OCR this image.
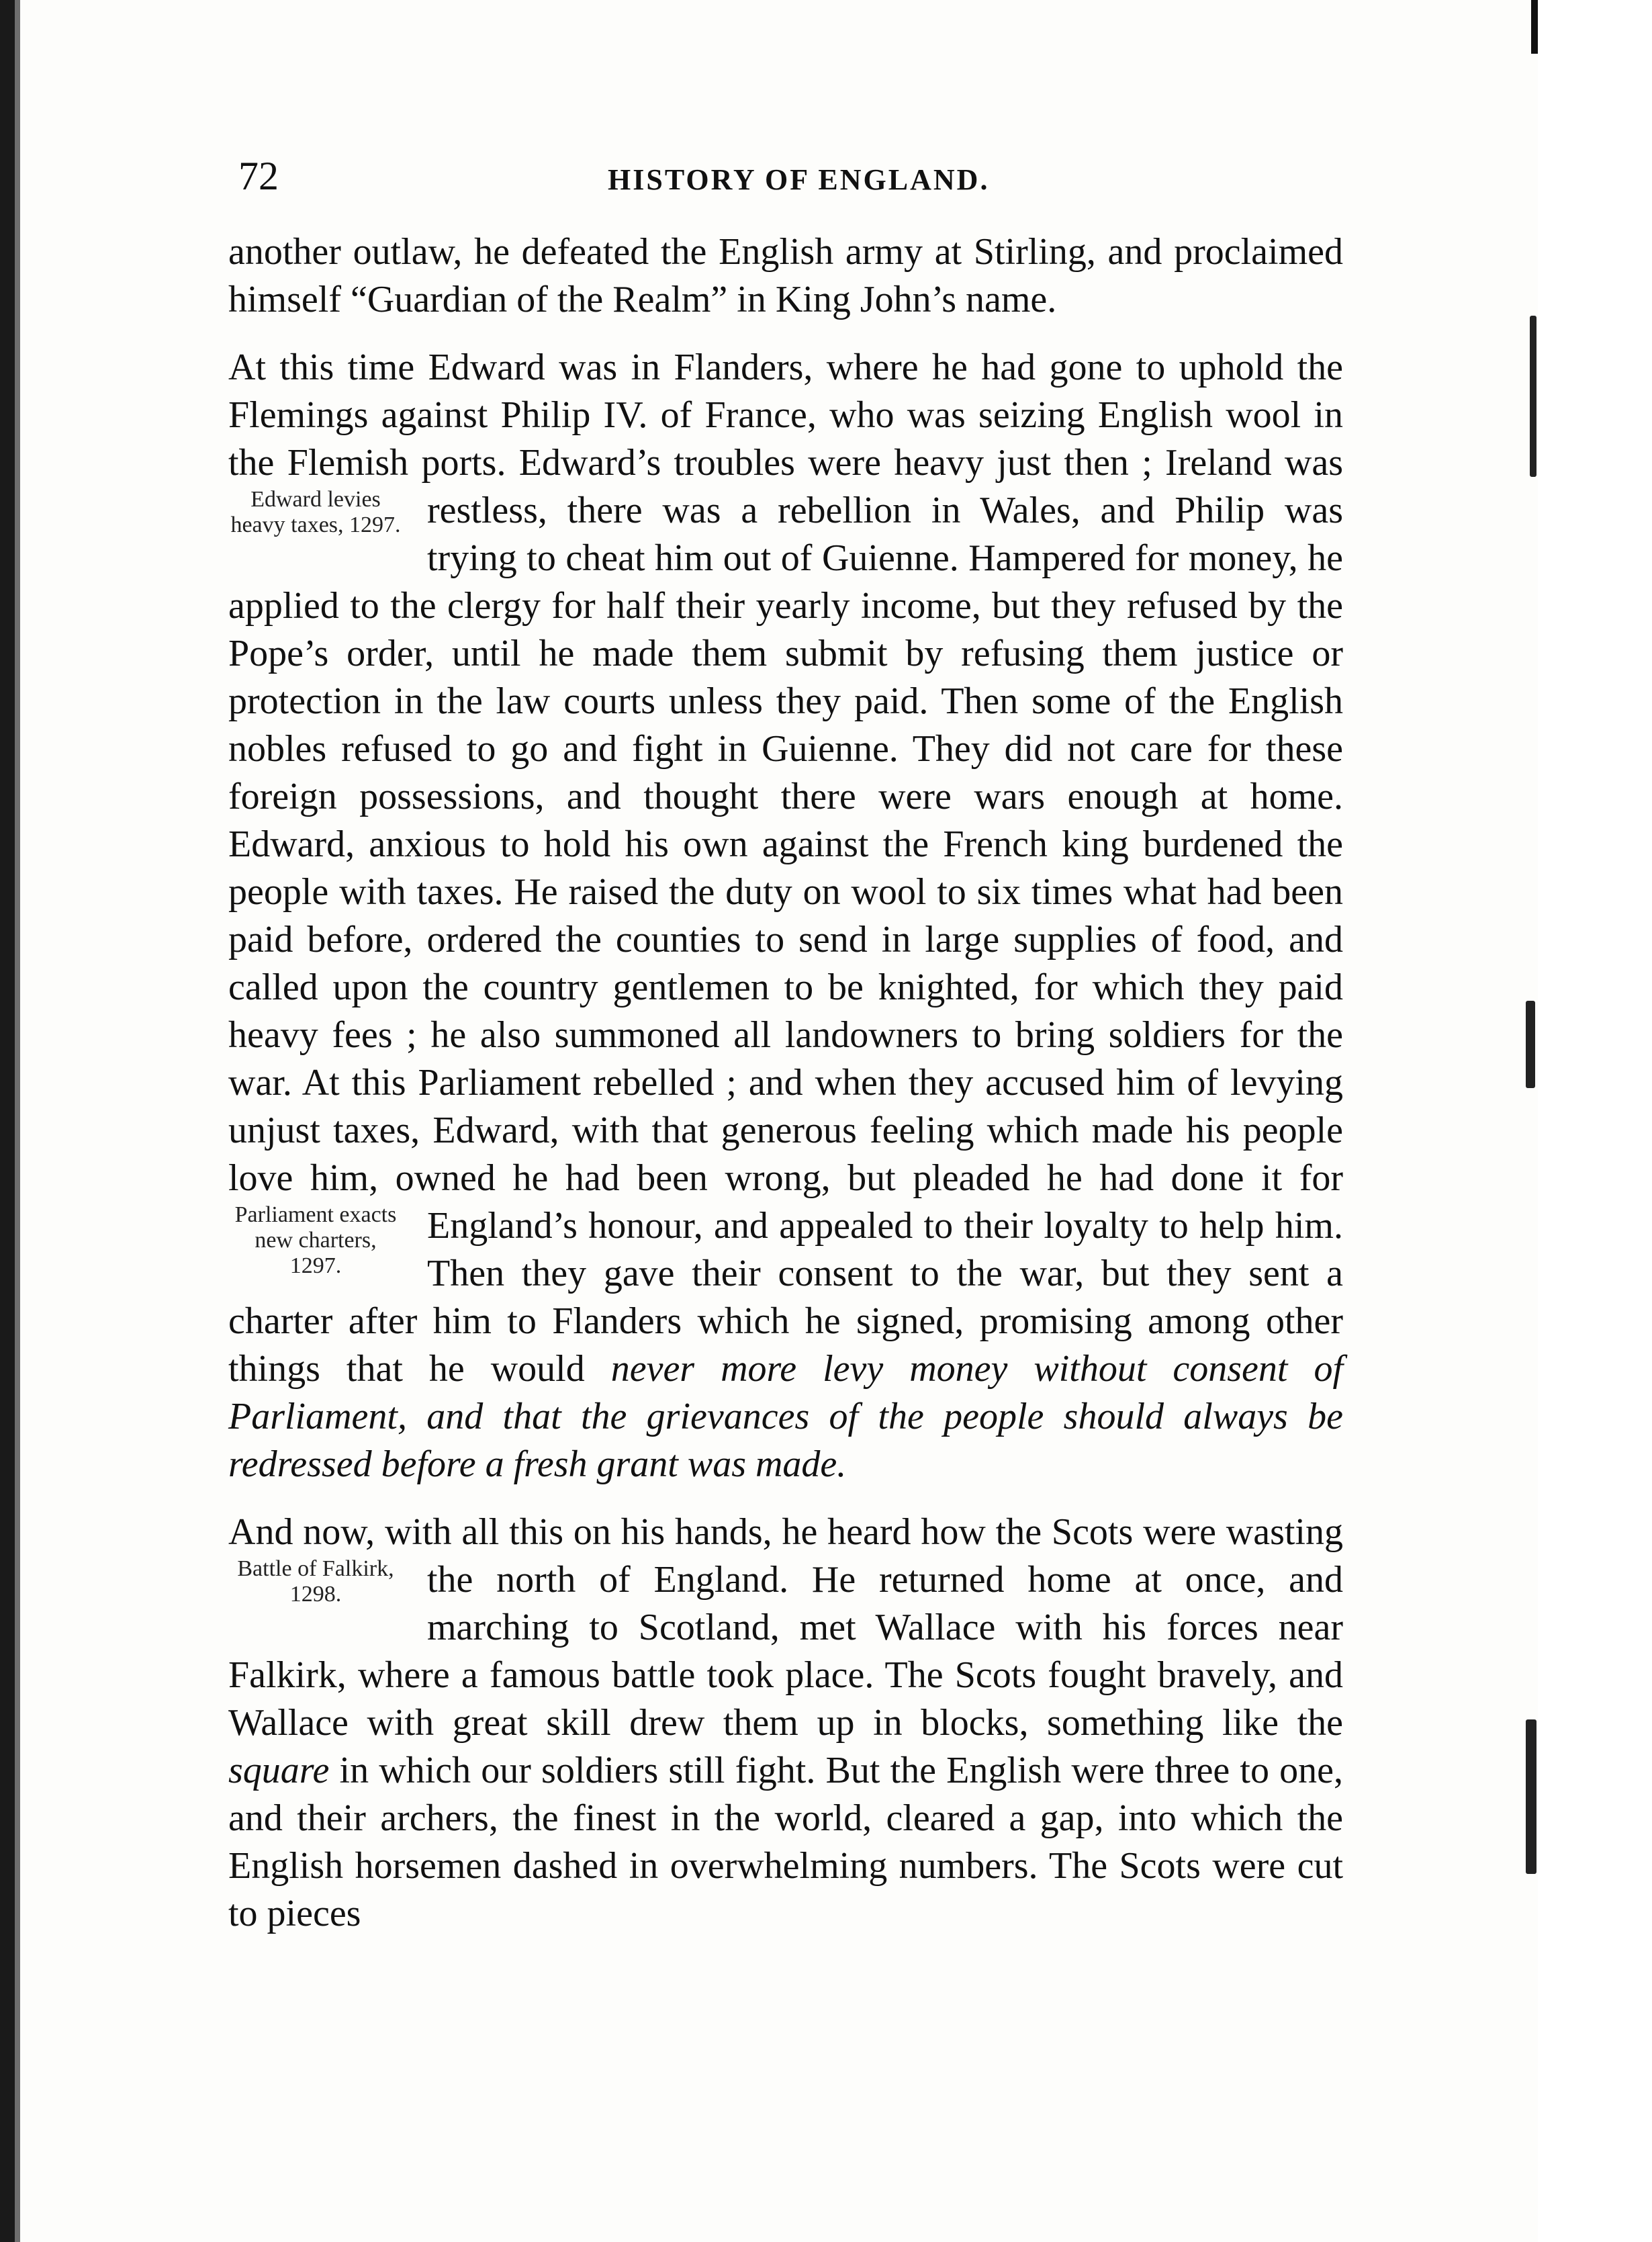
72	HISTORY OF ENGLAND.

another outlaw, he defeated the English army at Stirling, and proclaimed himself “Guardian of the Realm” in King John’s name.

At this time Edward was in Flanders, where he had gone to uphold the Flemings against Philip IV. of France, who was seizing English wool in the Flemish ports. Edward’s troubles were heavy just then ; Ireland was restless, there was a rebellion in Wales, and
Edward levies heavy taxes, 1297.	Philip was trying to cheat him out of Guienne. Hampered for money, he applied to the clergy for half their yearly income, but they refused by the Pope’s order, until he made them submit by refusing them justice or protection in the law courts unless they paid. Then some of the English nobles refused to go and fight in Guienne. They did not care for these foreign possessions, and thought there were wars enough at home. Edward, anxious to hold his own against the French king burdened the people with taxes. He raised the duty on wool to six times what had been paid before, ordered the counties to send in large supplies of food, and called upon the country gentlemen to be knighted, for which they paid heavy fees ; he also summoned all landowners to bring soldiers for the war. At this Parliament rebelled ; and when they accused him of levying unjust taxes, Edward, with that generous feeling which made his people love him, owned he had been wrong, but pleaded he had done it for England’s honour,
Parliament exacts new charters, 1297.
and appealed to their loyalty to help him. Then they gave their consent to the war, but they sent a charter after him to Flanders which he signed, promising among other things that he would never more levy money without consent of Parliament, and that the grievances of the people should always be redressed before a fresh grant was made.

And now, with all this on his hands, he heard how the Scots were wasting the north of England. He returned home at once, and
Battle of Falkirk, 1298.
marching to Scotland, met Wallace with his forces near Falkirk, where a famous battle took place. The Scots fought bravely, and Wallace with great skill drew them up in blocks, something like the square in which our soldiers still fight. But the English were three to one, and their archers, the finest in the world, cleared a gap, into which the English horsemen dashed in overwhelming numbers. The Scots were cut to pieces
